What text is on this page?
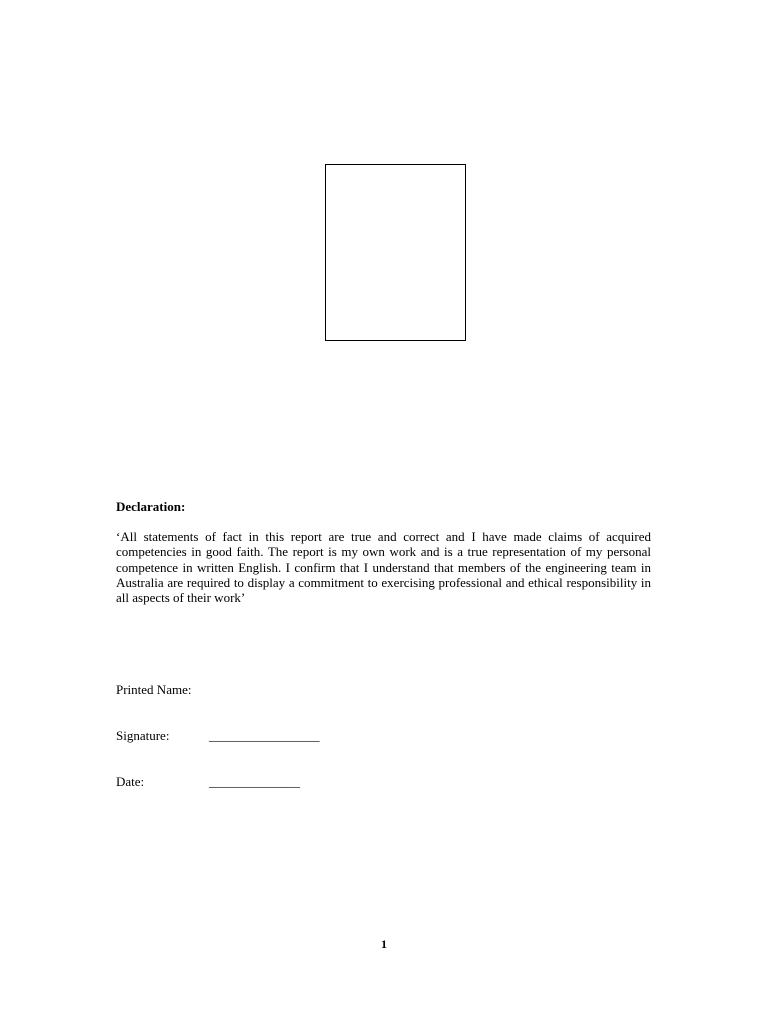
Declaration:

‘All statements of fact in this report are true and correct and I have made claims of acquired competencies in good faith. The report is my own work and is a true representation of my personal competence in written English. I confirm that I understand that members of the engineering team in Australia are required to display a commitment to exercising professional and ethical responsibility in all aspects of their work’

Printed Name:
Signature:	_________________
Date:	______________
1
